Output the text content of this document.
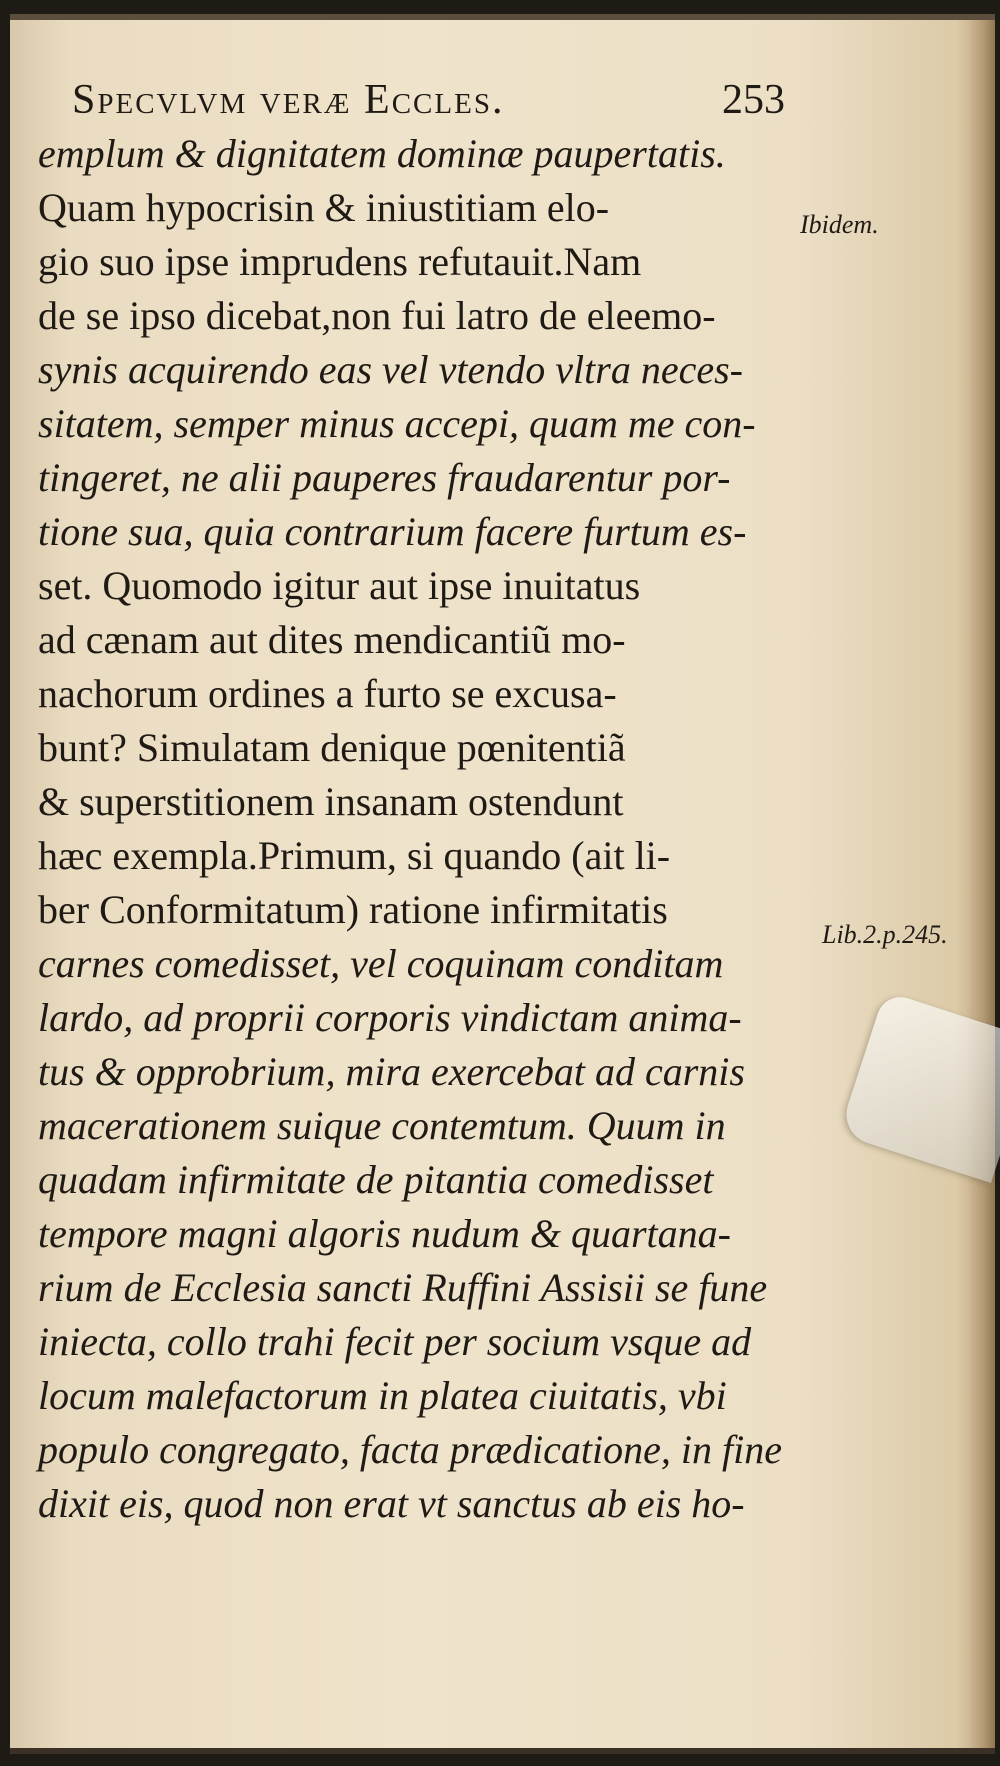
Specvlvm veræ Eccles.	253
emplum & dignitatem dominæ paupertatis.
Quam hypocrisin & iniustitiam elo-
gio suo ipse imprudens refutauit.Nam
de se ipso dicebat,non fui latro de eleemo-
synis acquirendo eas vel vtendo vltra neces-
sitatem, semper minus accepi, quam me con-
tingeret, ne alii pauperes fraudarentur por-
tione sua, quia contrarium facere furtum es-
set. Quomodo igitur aut ipse inuitatus
ad cænam aut dites mendicantiũ mo-
nachorum ordines a furto se excusa-
bunt? Simulatam denique pœnitentiã
& superstitionem insanam ostendunt
hæc exempla.Primum, si quando (ait li-
ber Conformitatum) ratione infirmitatis
carnes comedisset, vel coquinam conditam
lardo, ad proprii corporis vindictam anima-
tus & opprobrium, mira exercebat ad carnis
macerationem suique contemtum. Quum in
quadam infirmitate de pitantia comedisset
tempore magni algoris nudum & quartana-
rium de Ecclesia sancti Ruffini Assisii se fune
iniecta, collo trahi fecit per socium vsque ad
locum malefactorum in platea ciuitatis, vbi
populo congregato, facta prædicatione, in fine
dixit eis, quod non erat vt sanctus ab eis ho-
Ibidem.
Lib.2.p.245.
